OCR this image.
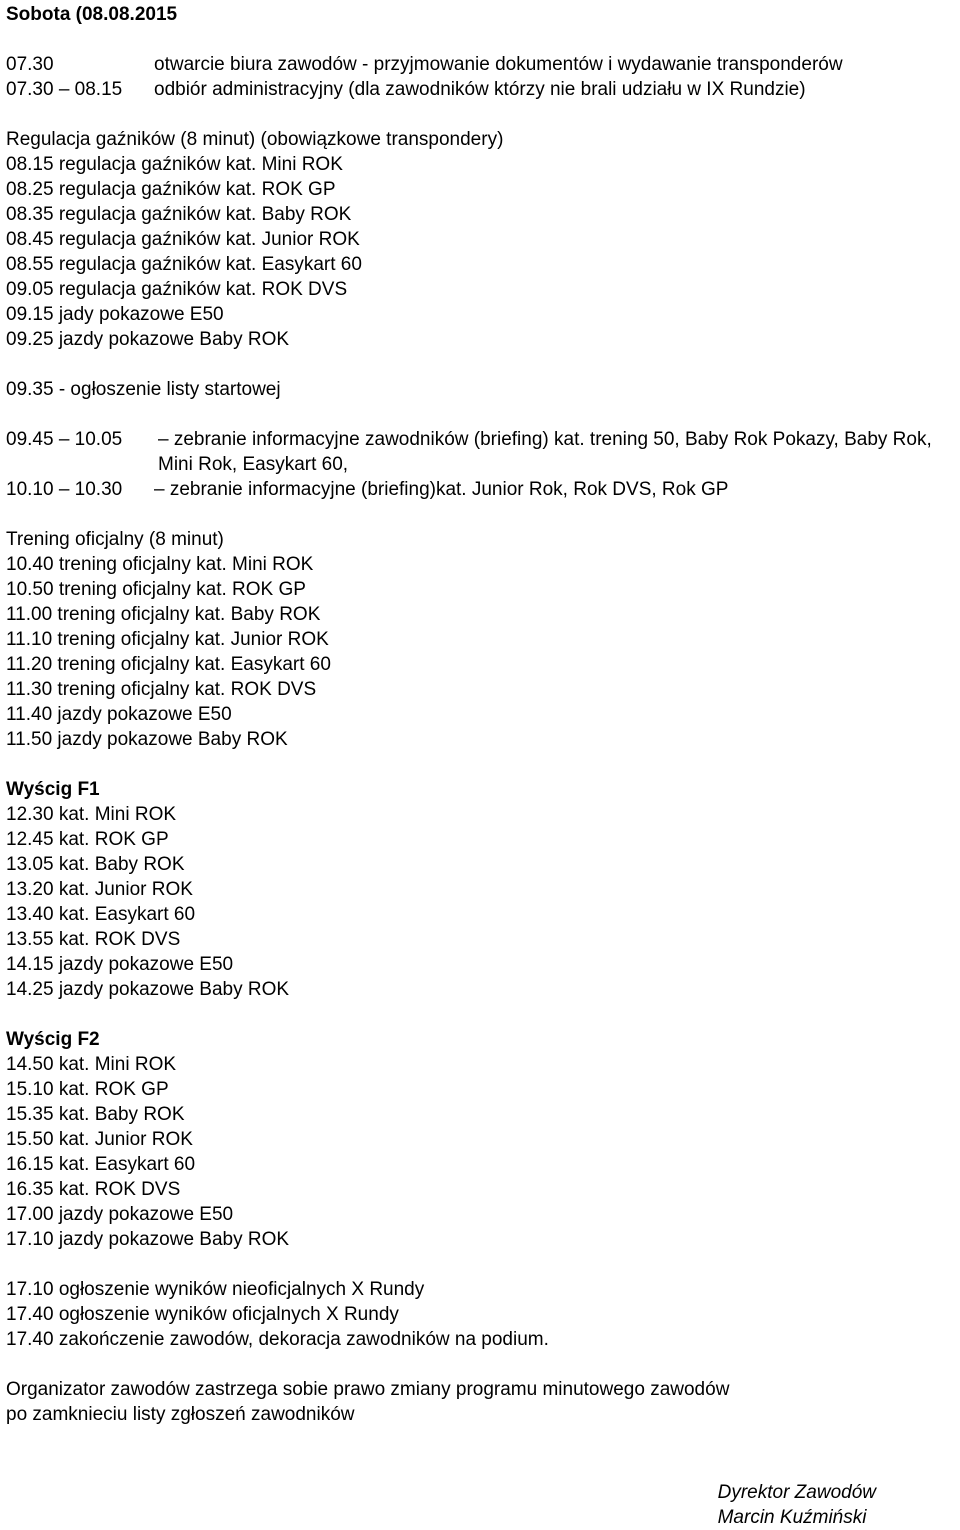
Sobota (08.08.2015
07.30	otwarcie biura zawodów - przyjmowanie dokumentów i wydawanie transponderów
07.30 – 08.15 odbiór administracyjny (dla zawodników którzy nie brali udziału w IX Rundzie)
Regulacja gaźników (8 minut) (obowiązkowe transpondery)
08.15 regulacja gaźników kat. Mini ROK
08.25 regulacja gaźników kat. ROK GP
08.35 regulacja gaźników kat. Baby ROK
08.45 regulacja gaźników kat. Junior ROK
08.55 regulacja gaźników kat. Easykart 60
09.05 regulacja gaźników kat. ROK DVS
09.15 jady pokazowe E50
09.25 jazdy pokazowe Baby ROK
09.35 - ogłoszenie listy startowej
09.45 – 10.05 – zebranie informacyjne zawodników (briefing) kat. trening 50, Baby Rok Pokazy, Baby Rok, Mini Rok, Easykart 60,
10.10 – 10.30 – zebranie informacyjne (briefing)kat. Junior Rok, Rok DVS, Rok GP
Trening oficjalny (8 minut)
10.40 trening oficjalny kat. Mini ROK
10.50 trening oficjalny kat. ROK GP
11.00 trening oficjalny kat. Baby ROK
11.10 trening oficjalny kat. Junior ROK
11.20 trening oficjalny kat. Easykart 60
11.30 trening oficjalny kat. ROK DVS
11.40 jazdy pokazowe E50
11.50 jazdy pokazowe Baby ROK
Wyścig F1
12.30 kat. Mini ROK
12.45 kat. ROK GP
13.05 kat. Baby ROK
13.20 kat. Junior ROK
13.40 kat. Easykart 60
13.55 kat. ROK DVS
14.15 jazdy pokazowe E50
14.25 jazdy pokazowe Baby ROK
Wyścig F2
14.50 kat. Mini ROK
15.10 kat. ROK GP
15.35 kat. Baby ROK
15.50 kat. Junior ROK
16.15 kat. Easykart 60
16.35 kat. ROK DVS
17.00 jazdy pokazowe E50
17.10 jazdy pokazowe Baby ROK
17.10 ogłoszenie wyników nieoficjalnych X Rundy
17.40 ogłoszenie wyników oficjalnych X Rundy
17.40 zakończenie zawodów, dekoracja zawodników na podium.
Organizator zawodów zastrzega sobie prawo zmiany programu minutowego zawodów
po zamknieciu listy zgłoszeń zawodników
Dyrektor Zawodów
Marcin Kuźmiński
